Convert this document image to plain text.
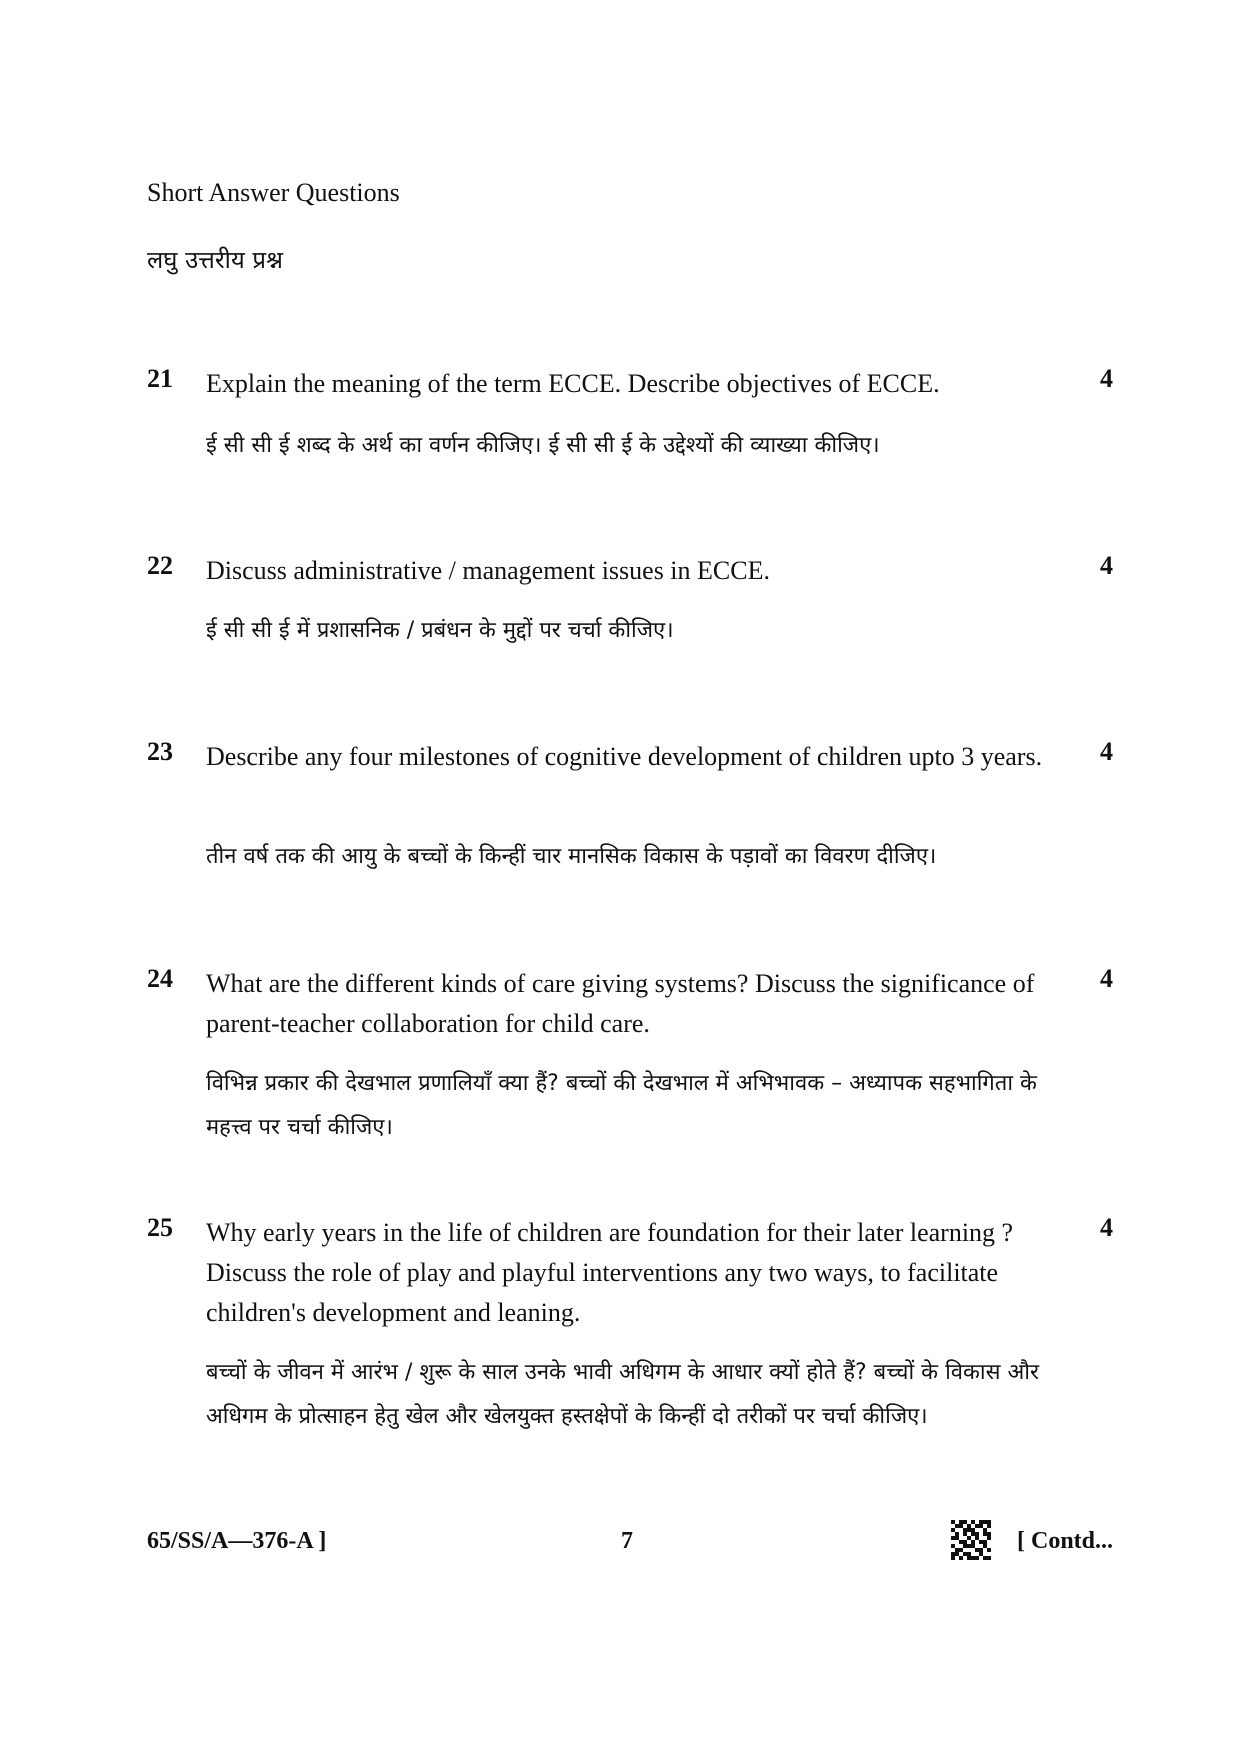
Short Answer Questions
लघु उत्तरीय प्रश्न
21 Explain the meaning of the term ECCE. Describe objectives of ECCE.	4
ई सी सी ई शब्द के अर्थ का वर्णन कीजिए। ई सी सी ई के उद्देश्यों की व्याख्या कीजिए।
22 Discuss administrative / management issues in ECCE.	4
ई सी सी ई में प्रशासनिक / प्रबंधन के मुद्दों पर चर्चा कीजिए।
23 Describe any four milestones of cognitive development of children upto 3 years.	4
तीन वर्ष तक की आयु के बच्चों के किन्हीं चार मानसिक विकास के पड़ावों का विवरण दीजिए।
24 What are the different kinds of care giving systems? Discuss the significance of parent-teacher collaboration for child care.
4
विभिन्न प्रकार की देखभाल प्रणालियाँ क्या हैं? बच्चों की देखभाल में अभिभावक – अध्यापक सहभागिता के महत्त्व पर चर्चा कीजिए।
25 Why early years in the life of children are foundation for their later learning ? Discuss the role of play and playful interventions any two ways, to facilitate children's development and leaning.
4
बच्चों के जीवन में आरंभ / शुरू के साल उनके भावी अधिगम के आधार क्यों होते हैं? बच्चों के विकास और अधिगम के प्रोत्साहन हेतु खेल और खेलयुक्त हस्तक्षेपों के किन्हीं दो तरीकों पर चर्चा कीजिए।
65/SS/A—376-A ]	7	[ Contd...
